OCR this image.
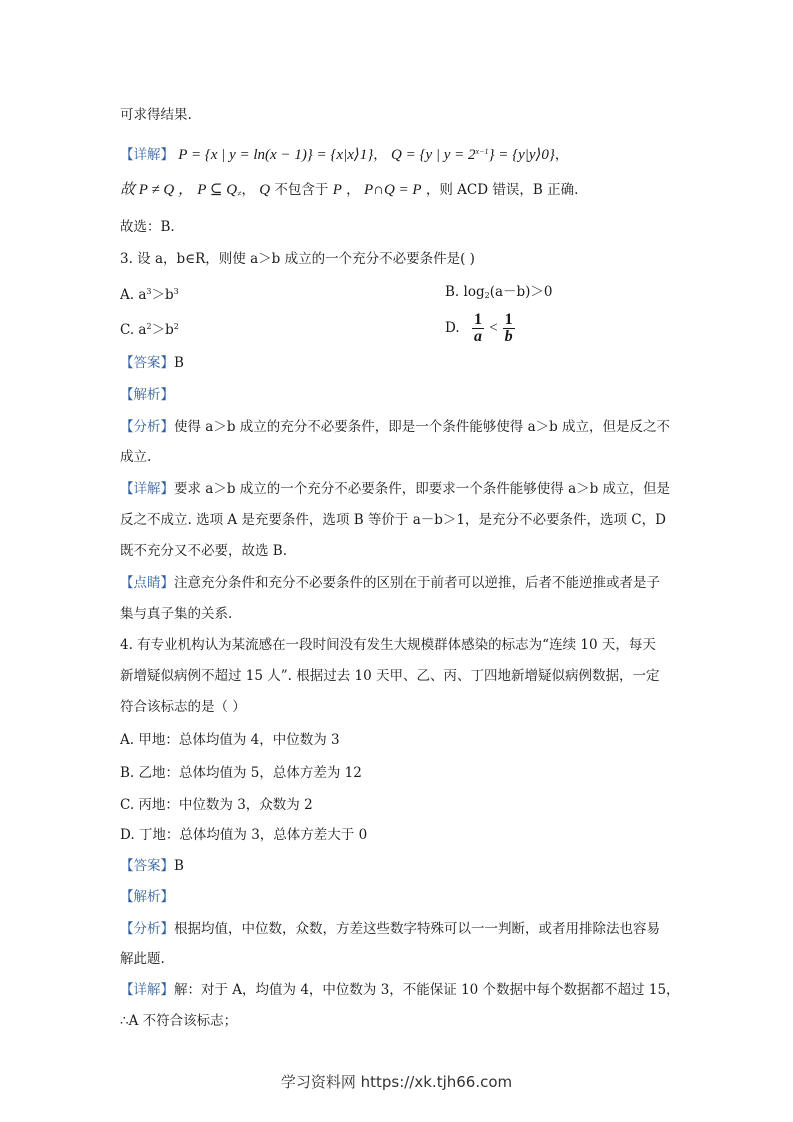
可求得结果.
【详解】 P = {x | y = ln(x − 1)} = {x|x⟩1}， Q = {y | $y = 2^{x-1}$} = {y|y⟩0}，
故 P ≠ Q ， P ⊆ $Q_\ne$， Q 不包含于 P ， P∩Q = P ，则 ACD 错误，B 正确.
故选：B.
3. 设 a，b∈R，则使 a＞b 成立的一个充分不必要条件是( )
A. $a^3>b^3$	B. $\log_2(a-b)>0$
C. $a^2>b^2$	D. $\frac{1}{a} < \frac{1}{b}$
【答案】B
【解析】
【分析】使得 a＞b 成立的充分不必要条件，即是一个条件能够使得 a＞b 成立，但是反之不
成立.
【详解】要求 a＞b 成立的一个充分不必要条件，即要求一个条件能够使得 a＞b 成立，但是
反之不成立. 选项 A 是充要条件，选项 B 等价于 a－b＞1，是充分不必要条件，选项 C，D
既不充分又不必要，故选 B.
【点睛】注意充分条件和充分不必要条件的区别在于前者可以逆推，后者不能逆推或者是子
集与真子集的关系.
4. 有专业机构认为某流感在一段时间没有发生大规模群体感染的标志为“连续 10 天，每天
新增疑似病例不超过 15 人”. 根据过去 10 天甲、乙、丙、丁四地新增疑似病例数据，一定
符合该标志的是（ ）
A. 甲地：总体均值为 4，中位数为 3
B. 乙地：总体均值为 5，总体方差为 12
C. 丙地：中位数为 3，众数为 2
D. 丁地：总体均值为 3，总体方差大于 0
【答案】B
【解析】
【分析】根据均值，中位数，众数，方差这些数字特殊可以一一判断，或者用排除法也容易
解此题.
【详解】解：对于 A，均值为 4，中位数为 3，不能保证 10 个数据中每个数据都不超过 15，
∴A 不符合该标志；
学习资料网 https://xk.tjh66.com
